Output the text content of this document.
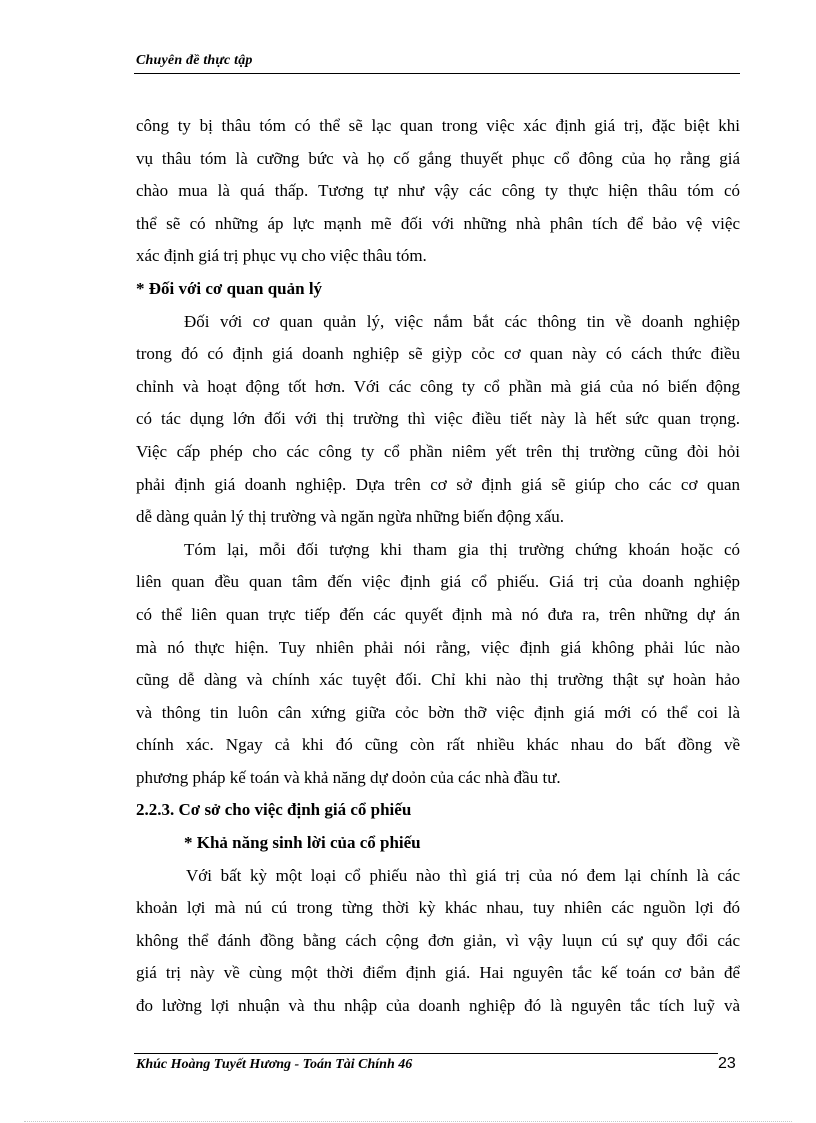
Chuyên đề thực tập
công ty bị thâu tóm có thể sẽ lạc quan trong việc xác định giá trị, đặc biệt khi
vụ thâu tóm là cưỡng bức và họ cố gắng thuyết phục cổ đông của họ rằng giá
chào mua là quá thấp. Tương tự như vậy các công ty thực hiện thâu tóm có
thể sẽ có những áp lực mạnh mẽ đối với những nhà phân tích để bảo vệ việc
xác định giá trị phục vụ cho việc thâu tóm.
* Đối với cơ quan quản lý
Đối với cơ quan quản lý, việc nắm bắt các thông tin về doanh nghiệp
trong đó có định giá doanh nghiệp sẽ giỳp cỏc cơ quan này có cách thức điều
chỉnh và hoạt động tốt hơn. Với các công ty cổ phần mà giá của nó biến động
có tác dụng lớn đối với thị trường thì việc điều tiết này là hết sức quan trọng.
Việc cấp phép cho các công ty cổ phần niêm yết trên thị trường cũng đòi hỏi
phải định giá doanh nghiệp. Dựa trên cơ sở định giá sẽ giúp cho các cơ quan
dễ dàng quản lý thị trường và ngăn ngừa những biến động xấu.
Tóm lại, mỗi đối tượng khi tham gia thị trường chứng khoán hoặc có
liên quan đều quan tâm đến việc định giá cổ phiếu. Giá trị của doanh nghiệp
có thể liên quan trực tiếp đến các quyết định mà nó đưa ra, trên những dự án
mà nó thực hiện. Tuy nhiên phải nói rằng, việc định giá không phải lúc nào
cũng dễ dàng và chính xác tuyệt đối. Chỉ khi nào thị trường thật sự hoàn hảo
và thông tin luôn cân xứng giữa cỏc bờn thỡ việc định giá mới có thể coi là
chính xác. Ngay cả khi đó cũng còn rất nhiều khác nhau do bất đồng về
phương pháp kế toán và khả năng dự doỏn của các nhà đầu tư.
2.2.3. Cơ sở cho việc định giá cổ phiếu
* Khả năng sinh lời của cổ phiếu
Với bất kỳ một loại cổ phiếu nào thì giá trị của nó đem lại chính là các
khoản lợi mà nú cú trong từng thời kỳ khác nhau, tuy nhiên các nguồn lợi đó
không thể đánh đồng bằng cách cộng đơn giản, vì vậy luụn cú sự quy đổi các
giá trị này về cùng một thời điểm định giá. Hai nguyên tắc kế toán cơ bản để
đo lường lợi nhuận và thu nhập của doanh nghiệp đó là nguyên tắc tích luỹ và
Khúc Hoàng Tuyết Hương - Toán Tài Chính 46	23
